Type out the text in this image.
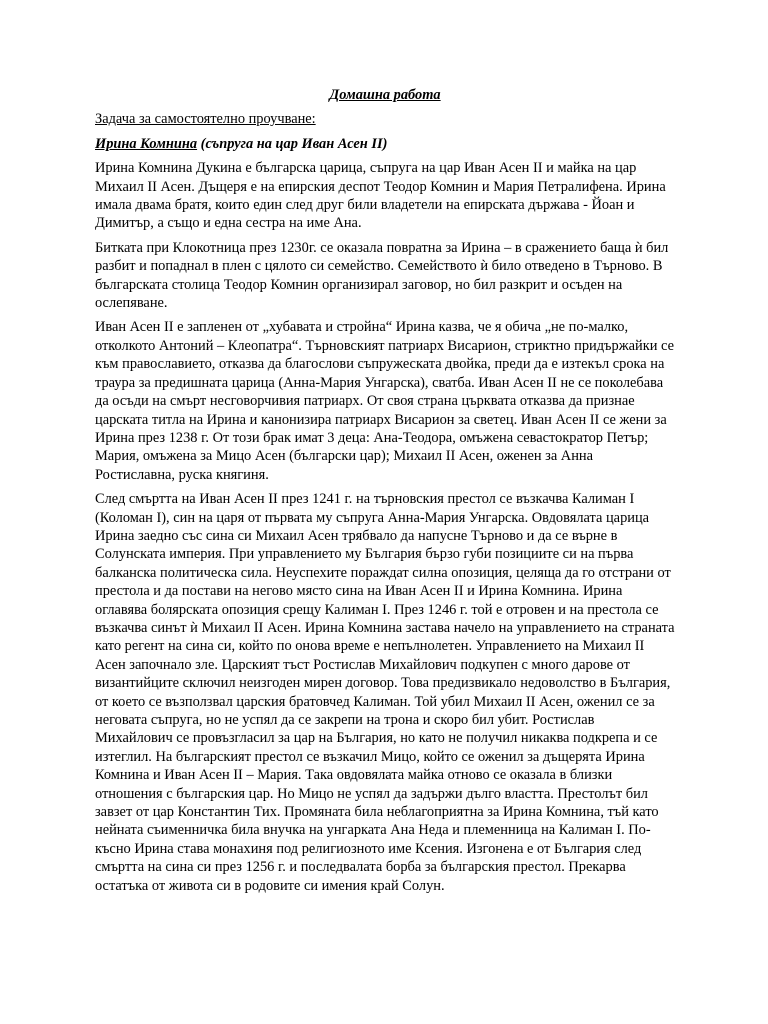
Домашна работа
Задача за самостоятелно проучване:
Ирина Комнина (съпруга на цар Иван Асен II)

Ирина Комнина Дукина е българска царица, съпруга на цар Иван Асен II и майка на цар Михаил II Асен. Дъщеря е на епирския деспот Теодор Комнин и Мария Петралифена. Ирина имала двама братя, които един след друг били владетели на епирската държава - Йоан и Димитър, а също и една сестра на име Ана.

Битката при Клокотница през 1230г. се оказала повратна за Ирина – в сражението баща ѝ бил разбит и попаднал в плен с цялото си семейство. Семейството ѝ било отведено в Търново. В българската столица Теодор Комнин организирал заговор, но бил разкрит и осъден на ослепяване.

Иван Асен II е запленен от „хубавата и стройна“ Ирина казва, че я обича „не по-малко, отколкото Антоний – Клеопатра“. Търновският патриарх Висарион, стриктно придържайки се към православието, отказва да благослови съпружеската двойка, преди да е изтекъл срока на траура за предишната царица (Анна-Мария Унгарска), сватба. Иван Асен II не се поколебава да осъди на смърт несговорчивия патриарх. От своя страна църквата отказва да признае царската титла на Ирина и канонизира патриарх Висарион за светец. Иван Асен II се жени за Ирина през 1238 г. От този брак имат 3 деца: Ана-Теодора, омъжена севастократор Петър; Мария, омъжена за Мицо Асен (български цар); Михаил II Асен, оженен за Анна Ростиславна, руска княгиня.

След смъртта на Иван Асен II през 1241 г. на търновския престол се възкачва Калиман I (Коломан I), син на царя от първата му съпруга Анна-Мария Унгарска. Овдовялата царица Ирина заедно със сина си Михаил Асен трябвало да напусне Търново и да се върне в Солунската империя. При управлението му България бързо губи позициите си на първа балканска политическа сила. Неуспехите пораждат силна опозиция, целяща да го отстрани от престола и да постави на негово място сина на Иван Асен II и Ирина Комнина. Ирина оглавява болярската опозиция срещу Калиман I. През 1246 г. той е отровен и на престола се възкачва синът ѝ Михаил II Асен. Ирина Комнина застава начело на управлението на страната като регент на сина си, който по онова време е непълнолетен. Управлението на Михаил II Асен започнало зле. Царският тъст Ростислав Михайлович подкупен с много дарове от византийците сключил неизгоден мирен договор. Това предизвикало недоволство в България, от което се възползвал царския братовчед Калиман. Той убил Михаил II Асен, оженил се за неговата съпруга, но не успял да се закрепи на трона и скоро бил убит. Ростислав Михайлович се провъзгласил за цар на България, но като не получил никаква подкрепа и се изтеглил. На българският престол се възкачил Мицо, който се оженил за дъщерята Ирина Комнина и Иван Асен II – Мария. Така овдовялата майка отново се оказала в близки отношения с българския цар. Но Мицо не успял да задържи дълго властта. Престолът бил завзет от цар Константин Тих. Промяната била неблагоприятна за Ирина Комнина, тъй като нейната съименничка била внучка на унгарката Ана Неда и племенница на Калиман I. По-късно Ирина става монахиня под религиозното име Ксения. Изгонена е от България след смъртта на сина си през 1256 г. и последвалата борба за българския престол. Прекарва остатъка от живота си в родовите си имения край Солун.
